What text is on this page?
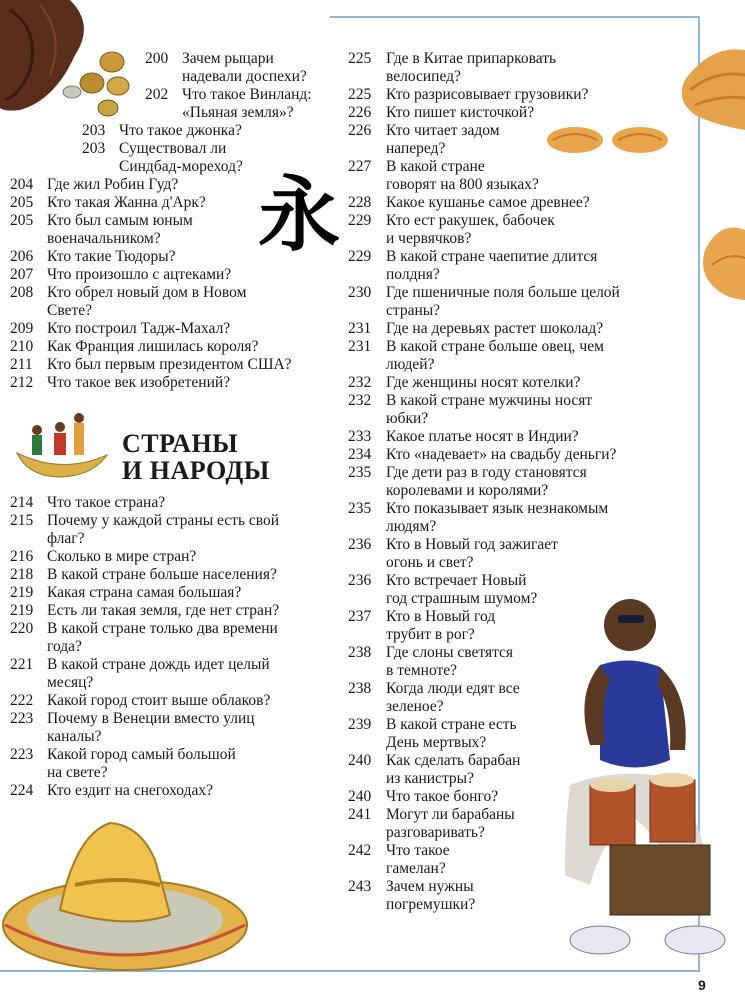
永
СТРАНЫ
И НАРОДЫ
200 Зачем рыцари
надевали доспехи?
202 Что такое Винланд:
«Пьяная земля»?
203 Что такое джонка?
203 Существовал ли
Синдбад-мореход?
204 Где жил Робин Гуд?
205 Кто такая Жанна д'Арк?
205 Кто был самым юным
военачальником?
206 Кто такие Тюдоры?
207 Что произошло с ацтеками?
208 Кто обрел новый дом в Новом
Свете?
209 Кто построил Тадж-Махал?
210 Как Франция лишилась короля?
211 Кто был первым президентом США?
212 Что такое век изобретений?
214 Что такое страна?
215 Почему у каждой страны есть свой
флаг?
216 Сколько в мире стран?
218 В какой стране больше населения?
219 Какая страна самая большая?
219 Есть ли такая земля, где нет стран?
220 В какой стране только два времени
года?
221 В какой стране дождь идет целый
месяц?
222 Какой город стоит выше облаков?
223 Почему в Венеции вместо улиц
каналы?
223 Какой город самый большой
на свете?
224 Кто ездит на снегоходах?
225 Где в Китае припарковать
велосипед?
225 Кто разрисовывает грузовики?
226 Кто пишет кисточкой?
226 Кто читает задом
наперед?
227 В какой стране
говорят на 800 языках?
228 Какое кушанье самое древнее?
229 Кто ест ракушек, бабочек
и червячков?
229 В какой стране чаепитие длится
полдня?
230 Где пшеничные поля больше целой
страны?
231 Где на деревьях растет шоколад?
231 В какой стране больше овец, чем
людей?
232 Где женщины носят котелки?
232 В какой стране мужчины носят
юбки?
233 Какое платье носят в Индии?
234 Кто «надевает» на свадьбу деньги?
235 Где дети раз в году становятся
королевами и королями?
235 Кто показывает язык незнакомым
людям?
236 Кто в Новый год зажигает
огонь и свет?
236 Кто встречает Новый
год страшным шумом?
237 Кто в Новый год
трубит в рог?
238 Где слоны светятся
в темноте?
238 Когда люди едят все
зеленое?
239 В какой стране есть
День мертвых?
240 Как сделать барабан
из канистры?
240 Что такое бонго?
241 Могут ли барабаны
разговаривать?
242 Что такое
гамелан?
243 Зачем нужны
погремушки?
9
